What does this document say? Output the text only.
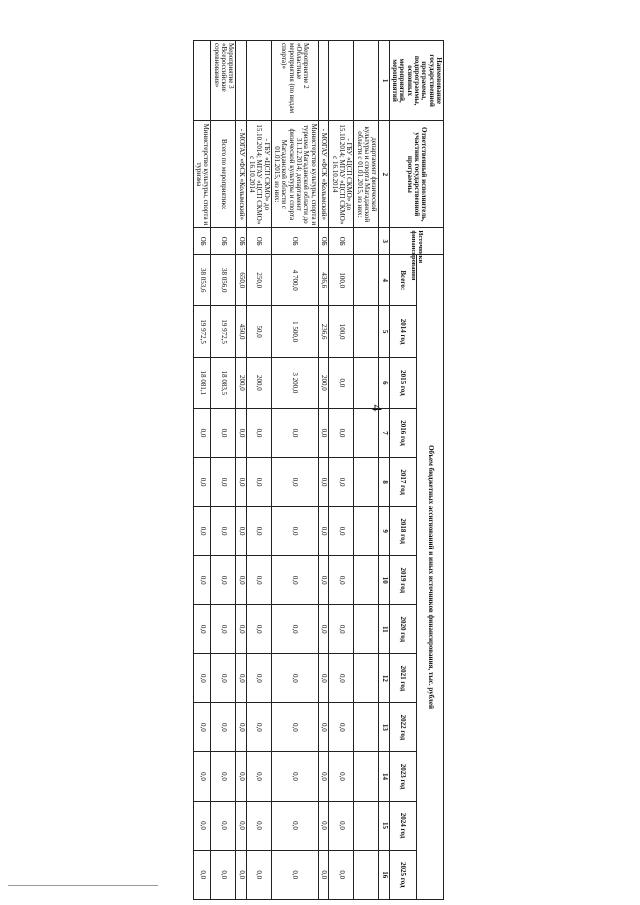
4
Наименование государственной программы, подпрограммы, основных мероприятий, мероприятий	Ответственный исполнитель, участник государственной программы	Источники финансирования	Объем бюджетных ассигнований и иных источников финансирования, тыс. рублей												
			Всего:	2014 год	2015 год	2016 год	2017 год	2018 год	2019 год	2020 год	2021 год	2022 год	2023 год	2024 год	2025 год
1	2	3	4	5	6	7	8	9	10	11	12	13	14	15	16
	департамент физической культуры и спорта Магаданской области с 01.01.2015, из них:														
	- ГБУ «ЦСП СКМО» до 15.10.2014; МГАУ «ЦСП СКМО» с 16.10.2014	ОБ	100,0	100,0	0,0	0,0	0,0	0,0	0,0	0,0	0,0	0,0	0,0	0,0	0,0
	- МОГАУ «ФСК «Колымский»	ОБ	436,6	236,6	200,0	0,0	0,0	0,0	0,0	0,0	0,0	0,0	0,0	0,0	0,0
Мероприятие 2 «Областные мероприятия (по видам спорта)»	Министерство культуры, спорта и туризма Магаданской области до 31.12.2014; департамент физической культуры и спорта Магаданской области с 01.01.2015, из них:	ОБ	4 700,0	1 500,0	3 200,0	0,0	0,0	0,0	0,0	0,0	0,0	0,0	0,0	0,0	0,0
	- ГБУ «ЦСП СКМО» до 15.10.2014; МГАУ «ЦСП СКМО» с 16.10.2014	ОБ	250,0	50,0	200,0	0,0	0,0	0,0	0,0	0,0	0,0	0,0	0,0	0,0	0,0
	- МОГАУ «ФСК «Колымский»	ОБ	650,0	450,0	200,0	0,0	0,0	0,0	0,0	0,0	0,0	0,0	0,0	0,0	0,0
Мероприятие 3 «Всероссийские соревнования»	Всего по мероприятию:	ОБ	38 056,0	19 972,5	18 083,5	0,0	0,0	0,0	0,0	0,0	0,0	0,0	0,0	0,0	0,0
	Министерство культуры, спорта и туризма	ОБ	38 053,6	19 972,5	18 081,1	0,0	0,0	0,0	0,0	0,0	0,0	0,0	0,0	0,0	0,0
